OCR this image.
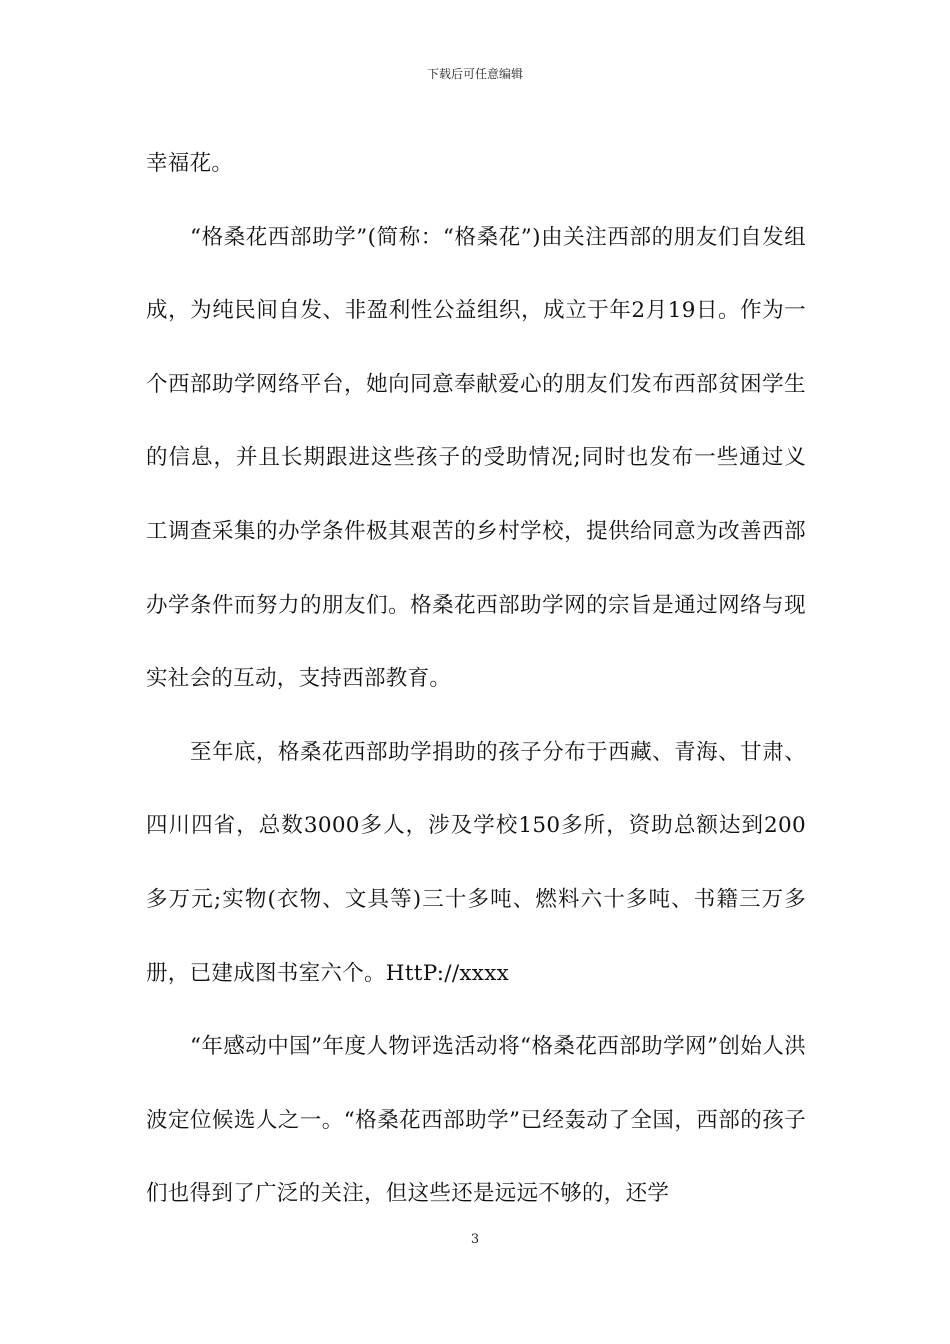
下载后可任意编辑

幸福花。

“格桑花西部助学”(简称：“格桑花”)由关注西部的朋友们自发组成，为纯民间自发、非盈利性公益组织，成立于年2月19日。作为一个西部助学网络平台，她向同意奉献爱心的朋友们发布西部贫困学生的信息，并且长期跟进这些孩子的受助情况;同时也发布一些通过义工调查采集的办学条件极其艰苦的乡村学校，提供给同意为改善西部办学条件而努力的朋友们。格桑花西部助学网的宗旨是通过网络与现实社会的互动，支持西部教育。

至年底，格桑花西部助学捐助的孩子分布于西藏、青海、甘肃、四川四省，总数3000多人，涉及学校150多所，资助总额达到200多万元;实物(衣物、文具等)三十多吨、燃料六十多吨、书籍三万多册，已建成图书室六个。HttP://xxxx

“年感动中国”年度人物评选活动将“格桑花西部助学网”创始人洪波定位候选人之一。“格桑花西部助学”已经轰动了全国，西部的孩子们也得到了广泛的关注，但这些还是远远不够的，还学

3
